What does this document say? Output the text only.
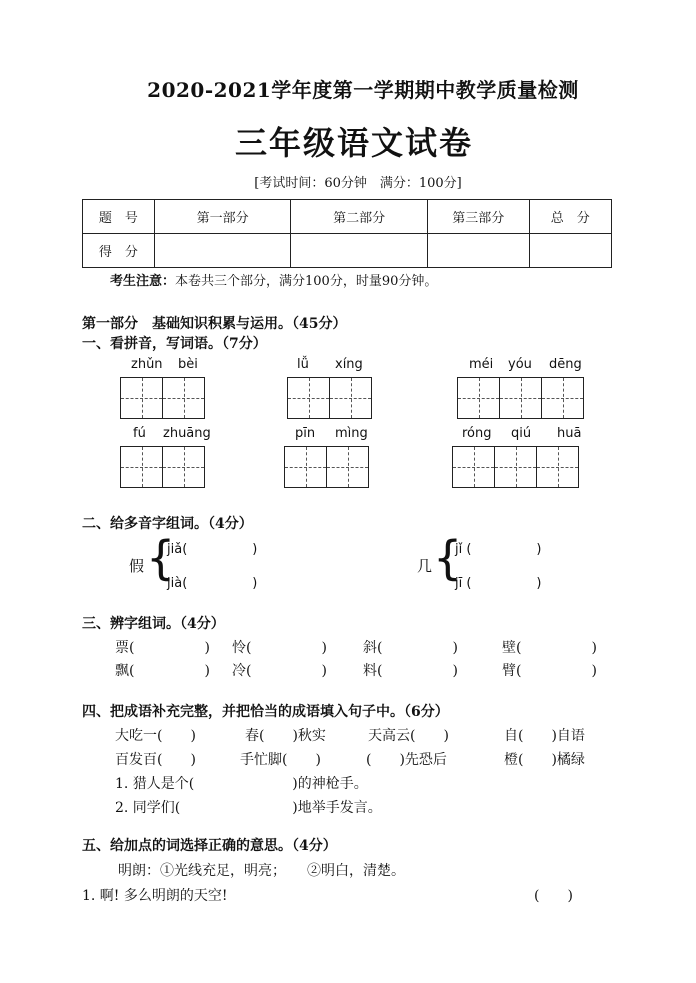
2020-2021学年度第一学期期中教学质量检测
三年级语文试卷
[考试时间：60分钟　满分：100分]
题　号	第一部分	第二部分	第三部分	总　分
得　分				
考生注意：本卷共三个部分，满分100分，时量90分钟。
第一部分　基础知识积累与运用。（45分）
一、看拼音，写词语。（7分）
zhǔn bèi	lǚ xíng	méi yóu dēng
fú zhuāng	pīn mìng	róng qiú huā
二、给多音字组词。（4分）
假 {
jiǎ(　　　　　)
jià(　　　　　)
几 {
jǐ (　　　　　)
jī (　　　　　)
三、辨字组词。（4分）
票(　　　　　) 怜(　　　　　)	斜(　　　　　)	壁(　　　　　)
飘(　　　　　) 冷(　　　　　)	料(　　　　　)	臂(　　　　　)
四、把成语补充完整，并把恰当的成语填入句子中。（6分）
大吃一(　　)	春(　　)秋实	天高云(　　)	自(　　)自语
百发百(　　)	手忙脚(　　)	(　　)先恐后	橙(　　)橘绿
1. 猎人是个(　　　　　　　)的神枪手。
2. 同学们(　　　　　　　　)地举手发言。
五、给加点的词选择正确的意思。（4分）
明朗：①光线充足，明亮；　　②明白，清楚。
1. 啊! 多么明朗的天空!	(　　)
